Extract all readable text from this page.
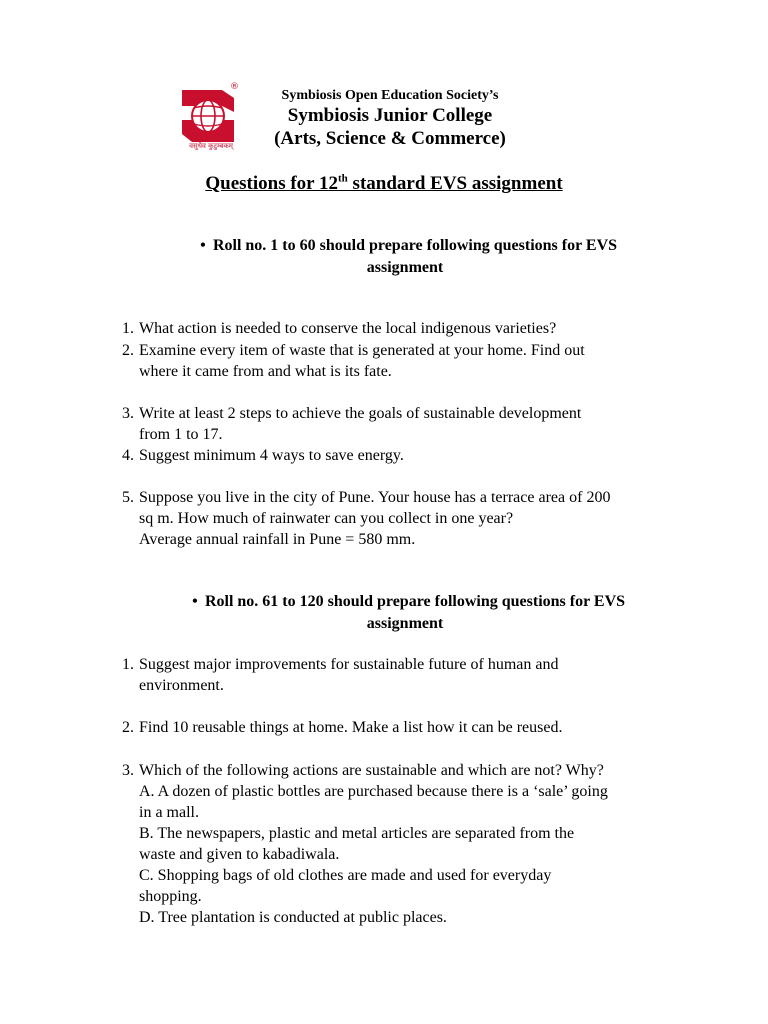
®
वसुधैव कुटुम्बकम्
Symbiosis Open Education Society’s
Symbiosis Junior College
(Arts, Science & Commerce)
Questions for 12th standard EVS assignment
• Roll no. 1 to 60 should prepare following questions for EVS
assignment
1. What action is needed to conserve the local indigenous varieties?
2. Examine every item of waste that is generated at your home. Find out
where it came from and what is its fate.
3. Write at least 2 steps to achieve the goals of sustainable development
from 1 to 17.
4. Suggest minimum 4 ways to save energy.
5. Suppose you live in the city of Pune. Your house has a terrace area of 200
sq m. How much of rainwater can you collect in one year?
Average annual rainfall in Pune = 580 mm.
• Roll no. 61 to 120 should prepare following questions for EVS
assignment
1. Suggest major improvements for sustainable future of human and
environment.
2. Find 10 reusable things at home. Make a list how it can be reused.
3. Which of the following actions are sustainable and which are not? Why?
A. A dozen of plastic bottles are purchased because there is a ‘sale’ going
in a mall.
B. The newspapers, plastic and metal articles are separated from the
waste and given to kabadiwala.
C. Shopping bags of old clothes are made and used for everyday
shopping.
D. Tree plantation is conducted at public places.
